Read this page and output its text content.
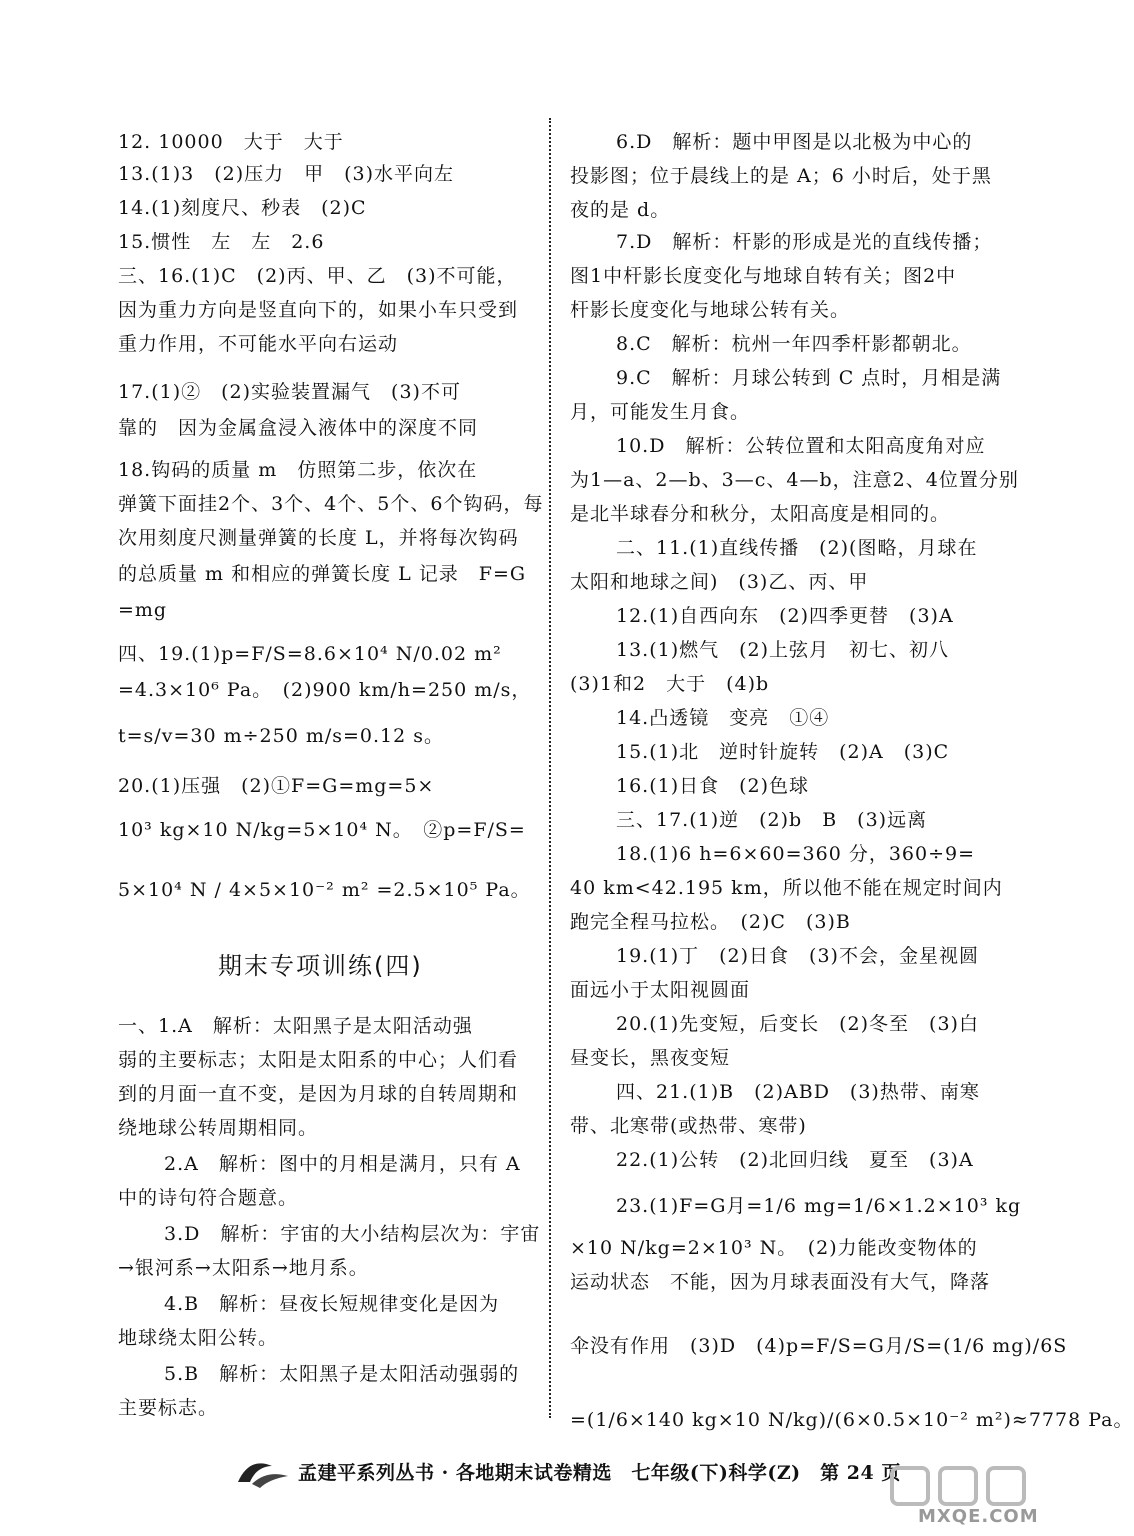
12. 10000　大于　大于
13.(1)3　(2)压力　甲　(3)水平向左
14.(1)刻度尺、秒表　(2)C
15.惯性　左　左　2.6
三、16.(1)C　(2)丙、甲、乙　(3)不可能，
因为重力方向是竖直向下的，如果小车只受到
重力作用，不可能水平向右运动
17.(1)②　(2)实验装置漏气　(3)不可
靠的　因为金属盒浸入液体中的深度不同
18.钩码的质量 m　仿照第二步，依次在
弹簧下面挂2个、3个、4个、5个、6个钩码，每
次用刻度尺测量弹簧的长度 L，并将每次钩码
的总质量 m 和相应的弹簧长度 L 记录　F=G
=mg
四、19.(1)p=F/S=8.6×10⁴ N/0.02 m²
=4.3×10⁶ Pa。　(2)900 km/h=250 m/s，
t=s/v=30 m÷250 m/s=0.12 s。
20.(1)压强　(2)①F=G=mg=5×
10³ kg×10 N/kg=5×10⁴ N。　②p=F/S=
5×10⁴ N / 4×5×10⁻² m² =2.5×10⁵ Pa。
期末专项训练(四)
一、1.A　解析：太阳黑子是太阳活动强
弱的主要标志；太阳是太阳系的中心；人们看
到的月面一直不变，是因为月球的自转周期和
绕地球公转周期相同。
2.A　解析：图中的月相是满月，只有 A
中的诗句符合题意。
3.D　解析：宇宙的大小结构层次为：宇宙
→银河系→太阳系→地月系。
4.B　解析：昼夜长短规律变化是因为
地球绕太阳公转。
5.B　解析：太阳黑子是太阳活动强弱的
主要标志。
6.D　解析：题中甲图是以北极为中心的
投影图；位于晨线上的是 A；6 小时后，处于黑
夜的是 d。
7.D　解析：杆影的形成是光的直线传播；
图1中杆影长度变化与地球自转有关；图2中
杆影长度变化与地球公转有关。
8.C　解析：杭州一年四季杆影都朝北。
9.C　解析：月球公转到 C 点时，月相是满
月，可能发生月食。
10.D　解析：公转位置和太阳高度角对应
为1—a、2—b、3—c、4—b，注意2、4位置分别
是北半球春分和秋分，太阳高度是相同的。
二、11.(1)直线传播　(2)(图略，月球在
太阳和地球之间)　(3)乙、丙、甲
12.(1)自西向东　(2)四季更替　(3)A
13.(1)燃气　(2)上弦月　初七、初八
(3)1和2　大于　(4)b
14.凸透镜　变亮　①④
15.(1)北　逆时针旋转　(2)A　(3)C
16.(1)日食　(2)色球
三、17.(1)逆　(2)b　B　(3)远离
18.(1)6 h=6×60=360 分，360÷9=
40 km<42.195 km，所以他不能在规定时间内
跑完全程马拉松。　(2)C　(3)B
19.(1)丁　(2)日食　(3)不会，金星视圆
面远小于太阳视圆面
20.(1)先变短，后变长　(2)冬至　(3)白
昼变长，黑夜变短
四、21.(1)B　(2)ABD　(3)热带、南寒
带、北寒带(或热带、寒带)
22.(1)公转　(2)北回归线　夏至　(3)A
23.(1)F=G月=1/6 mg=1/6×1.2×10³ kg
×10 N/kg=2×10³ N。　(2)力能改变物体的
运动状态　不能，因为月球表面没有大气，降落
伞没有作用　(3)D　(4)p=F/S=G月/S=(1/6 mg)/6S
=(1/6×140 kg×10 N/kg)/(6×0.5×10⁻² m²)≈7778 Pa。
孟建平系列丛书 · 各地期末试卷精选　七年级(下)科学(Z)　第 24 页
MXQE.COM
